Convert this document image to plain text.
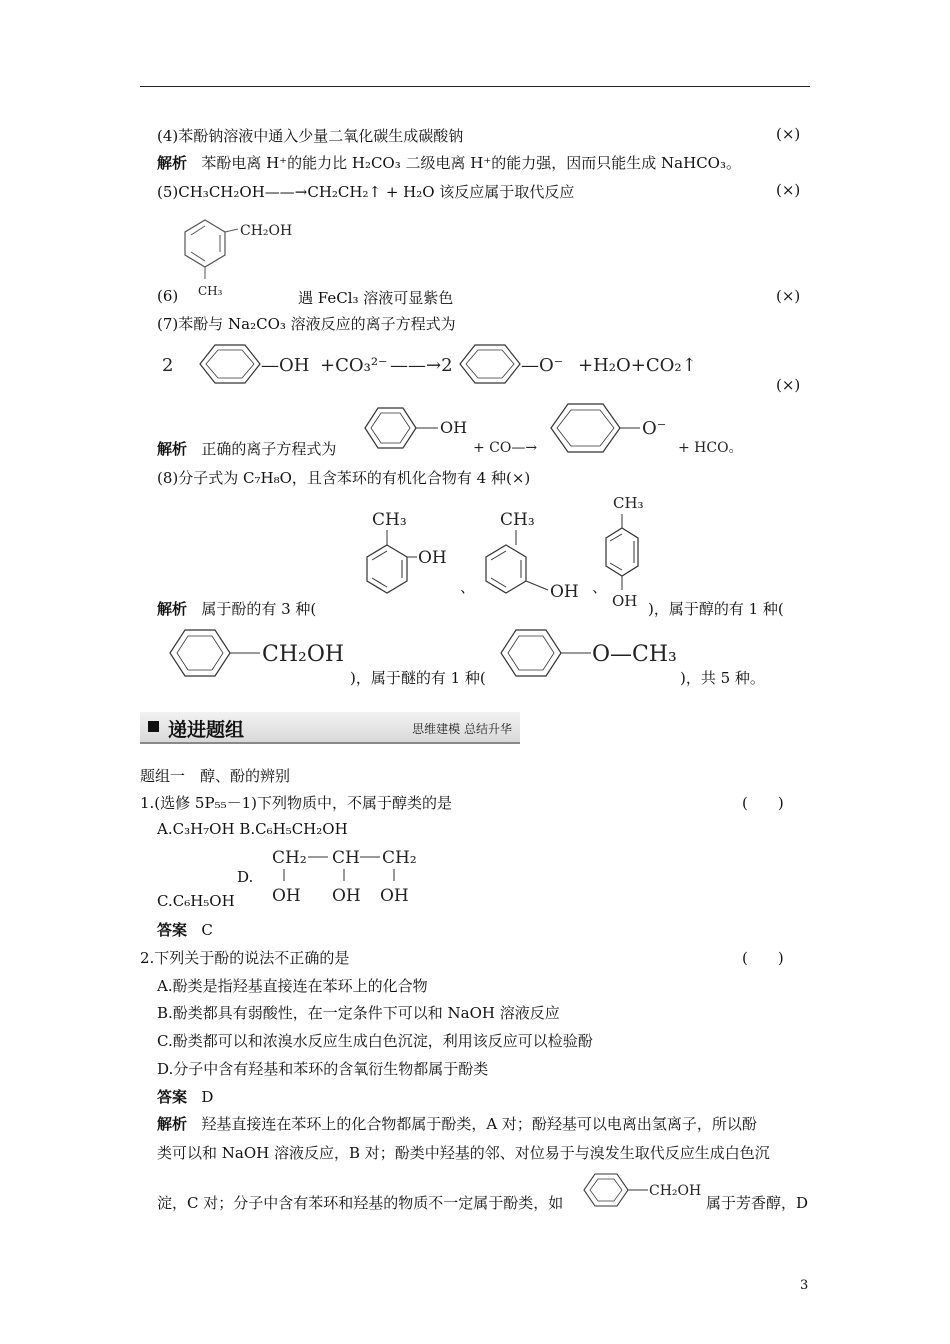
(4)苯酚钠溶液中通入少量二氧化碳生成碳酸钠	(×)
解析 苯酚电离 H⁺的能力比 H₂CO₃ 二级电离 H⁺的能力强，因而只能生成 NaHCO₃。
(5)CH₃CH₂OH——→CH₂CH₂↑ + H₂O 该反应属于取代反应	(×)
CH₂OH
CH₃
(6)	遇 FeCl₃ 溶液可显紫色	(×)
(7)苯酚与 Na₂CO₃ 溶液反应的离子方程式为
2	—OH +CO₃²⁻ ——→2	—O⁻ +H₂O+CO₂↑
(×)
解析 正确的离子方程式为
OH
+ CO—→
O⁻
+ HCO。
(8)分子式为 C₇H₈O，且含苯环的有机化合物有 4 种(×)
CH₃
OH
、
CH₃
OH 、
CH₃
OH
解析 属于酚的有 3 种(	)，属于醇的有 1 种(
CH₂OH
)，属于醚的有 1 种(
O—CH₃
)，共 5 种。
递进题组	思维建模 总结升华
题组一　醇、酚的辨别
1.(选修 5P₅₅－1)下列物质中，不属于醇类的是	(　　)
A.C₃H₇OH B.C₆H₅CH₂OH
D.
CH₂ CH CH₂
OH OH OH
C.C₆H₅OH
答案 C
2.下列关于酚的说法不正确的是	(　　)
A.酚类是指羟基直接连在苯环上的化合物
B.酚类都具有弱酸性，在一定条件下可以和 NaOH 溶液反应
C.酚类都可以和浓溴水反应生成白色沉淀，利用该反应可以检验酚
D.分子中含有羟基和苯环的含氧衍生物都属于酚类
答案 D
解析 羟基直接连在苯环上的化合物都属于酚类，A 对；酚羟基可以电离出氢离子，所以酚
类可以和 NaOH 溶液反应，B 对；酚类中羟基的邻、对位易于与溴发生取代反应生成白色沉
淀，C 对；分子中含有苯环和羟基的物质不一定属于酚类，如
CH₂OH
属于芳香醇，D
3
